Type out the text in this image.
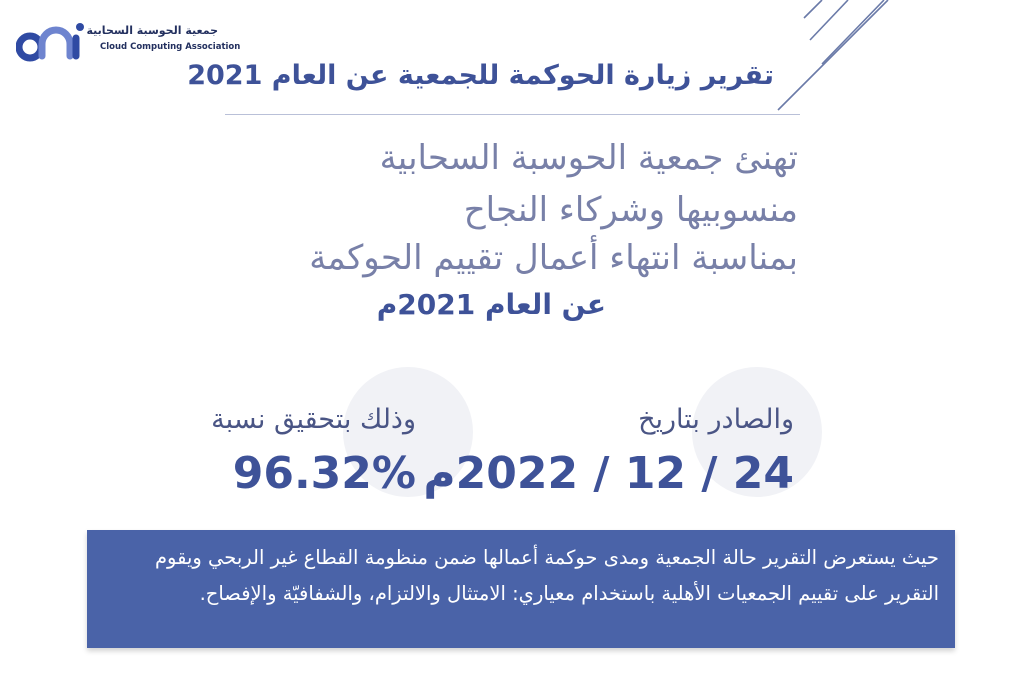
جمعية الحوسبة السحابية
Cloud Computing Association
تقرير زيارة الحوكمة للجمعية عن العام 2021
تهنئ جمعية الحوسبة السحابية
منسوبيها وشركاء النجاح
بمناسبة انتهاء أعمال تقييم الحوكمة
عن العام 2021م
والصادر بتاريخ
24 / 12 / 2022م
وذلك بتحقيق نسبة
96.32%
حيث يستعرض التقرير حالة الجمعية ومدى حوكمة أعمالها ضمن منظومة القطاع غير الربحي ويقوم التقرير على تقييم الجمعيات الأهلية باستخدام معياري: الامتثال والالتزام، والشفافيّة والإفصاح.
